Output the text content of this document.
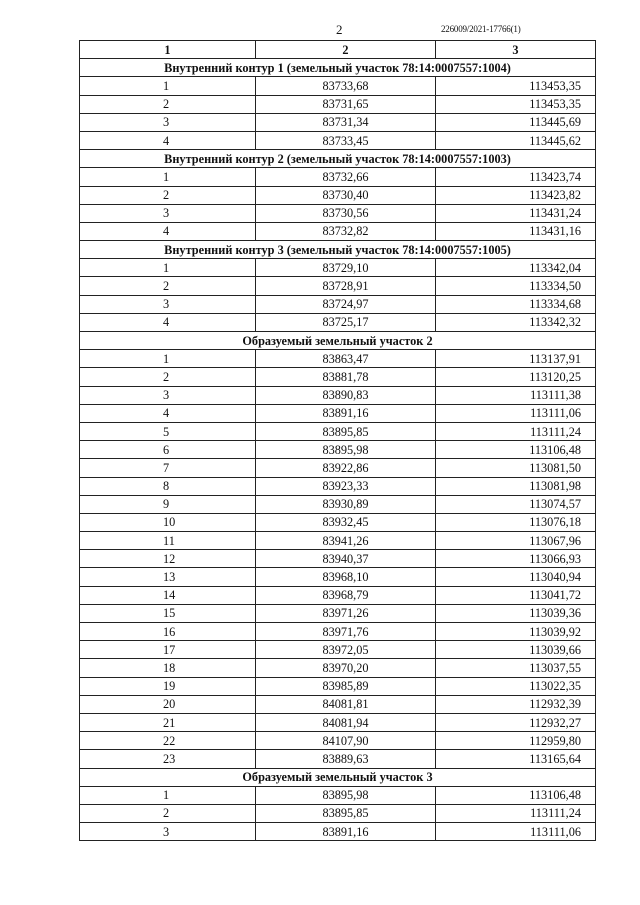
2	226009/2021-17766(1)
1	2	3
Внутренний контур 1 (земельный участок 78:14:0007557:1004)		
1	83733,68	113453,35
2	83731,65	113453,35
3	83731,34	113445,69
4	83733,45	113445,62
Внутренний контур 2 (земельный участок 78:14:0007557:1003)		
1	83732,66	113423,74
2	83730,40	113423,82
3	83730,56	113431,24
4	83732,82	113431,16
Внутренний контур 3 (земельный участок 78:14:0007557:1005)		
1	83729,10	113342,04
2	83728,91	113334,50
3	83724,97	113334,68
4	83725,17	113342,32
Образуемый земельный участок 2		
1	83863,47	113137,91
2	83881,78	113120,25
3	83890,83	113111,38
4	83891,16	113111,06
5	83895,85	113111,24
6	83895,98	113106,48
7	83922,86	113081,50
8	83923,33	113081,98
9	83930,89	113074,57
10	83932,45	113076,18
11	83941,26	113067,96
12	83940,37	113066,93
13	83968,10	113040,94
14	83968,79	113041,72
15	83971,26	113039,36
16	83971,76	113039,92
17	83972,05	113039,66
18	83970,20	113037,55
19	83985,89	113022,35
20	84081,81	112932,39
21	84081,94	112932,27
22	84107,90	112959,80
23	83889,63	113165,64
Образуемый земельный участок 3		
1	83895,98	113106,48
2	83895,85	113111,24
3	83891,16	113111,06
